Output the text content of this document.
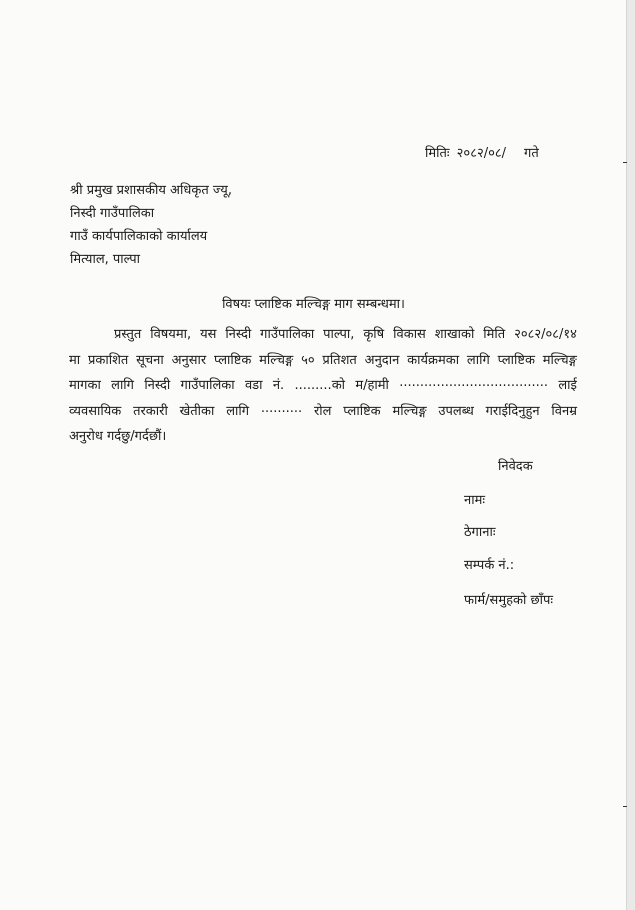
मितिः २०८२/०८/ गते
श्री प्रमुख प्रशासकीय अधिकृत ज्यू,
निस्दी गाउँपालिका
गाउँ कार्यपालिकाको कार्यालय
मित्याल, पाल्पा
विषयः प्लाष्टिक मल्चिङ्ग माग सम्बन्धमा।
प्रस्तुत विषयमा, यस निस्दी गाउँपालिका पाल्पा, कृषि विकास शाखाको मिति २०८२/०८/१४
मा प्रकाशित सूचना अनुसार प्लाष्टिक मल्चिङ्ग ५० प्रतिशत अनुदान कार्यक्रमका लागि प्लाष्टिक मल्चिङ्ग
मागका लागि निस्दी गाउँपालिका वडा नं. .........को म/हामी .................................... लाई
व्यवसायिक तरकारी खेतीका लागि .......... रोल प्लाष्टिक मल्चिङ्ग उपलब्ध गराईदिनुहुन विनम्र
अनुरोध गर्दछु/गर्दछौं।
निवेदक
नामः
ठेगानाः
सम्पर्क नं.:
फार्म/समुहको छाँपः
